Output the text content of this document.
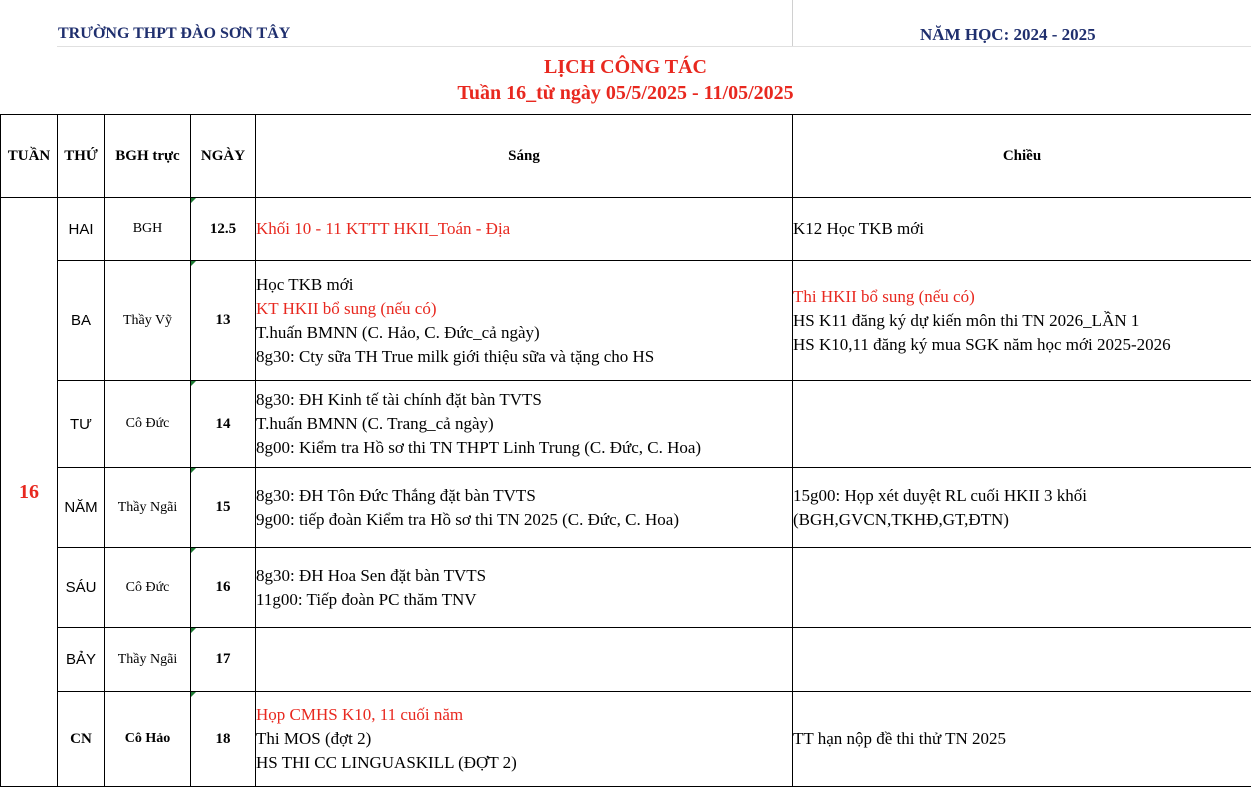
TRƯỜNG THPT ĐÀO SƠN TÂY	NĂM HỌC: 2024 - 2025
LỊCH CÔNG TÁC
Tuần 16_từ ngày 05/5/2025 - 11/05/2025
TUẦN	THỨ	BGH trực	NGÀY	Sáng	Chiều
16	HAI	BGH	12.5	Khối 10 - 11 KTTT HKII_Toán - Địa	K12 Học TKB mới

	BA	Thầy Vỹ	13	Học TKB mới
KT HKII bổ sung (nếu có)
T.huấn BMNN (C. Hảo, C. Đức_cả ngày)
8g30: Cty sữa TH True milk giới thiệu sữa và tặng cho HS	Thi HKII bổ sung (nếu có)
HS K11 đăng ký dự kiến môn thi TN 2026_LẦN 1
HS K10,11 đăng ký mua SGK năm học mới 2025-2026

	TƯ	Cô Đức	14	8g30: ĐH Kinh tế tài chính đặt bàn TVTS
T.huấn BMNN (C. Trang_cả ngày)
8g00: Kiểm tra Hồ sơ thi TN THPT Linh Trung (C. Đức, C. Hoa)	

	NĂM	Thầy Ngãi	15	8g30: ĐH Tôn Đức Thắng đặt bàn TVTS
9g00: tiếp đoàn Kiểm tra Hồ sơ thi TN 2025 (C. Đức, C. Hoa)	15g00: Họp xét duyệt RL cuối HKII 3 khối
(BGH,GVCN,TKHĐ,GT,ĐTN)

	SÁU	Cô Đức	16	8g30: ĐH Hoa Sen đặt bàn TVTS
11g00: Tiếp đoàn PC thăm TNV	

	BẢY	Thầy Ngãi	17		
	CN	Cô Hảo	18	Họp CMHS K10, 11 cuối năm
Thi MOS (đợt 2)
HS THI CC LINGUASKILL (ĐỢT 2)	TT hạn nộp đề thi thử TN 2025
